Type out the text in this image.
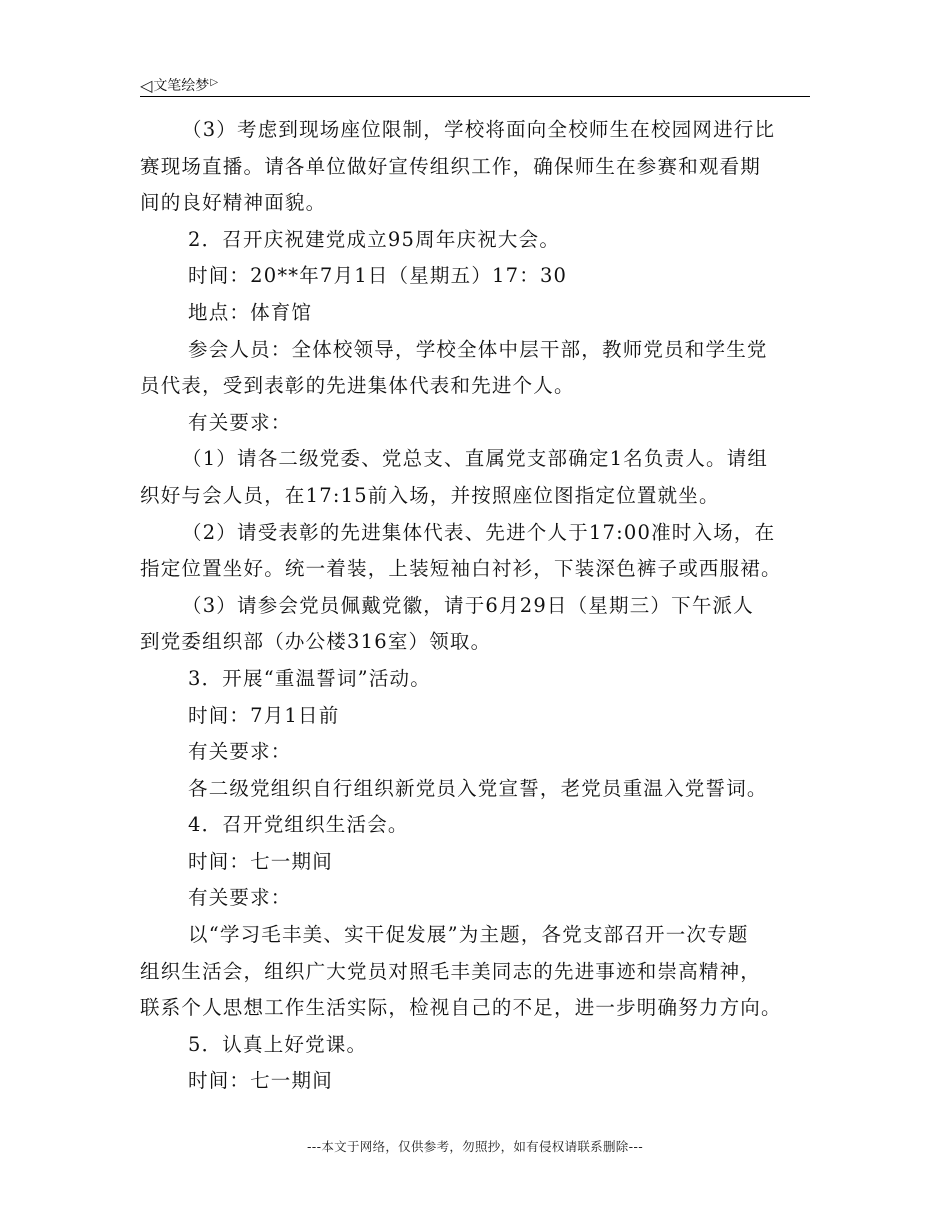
◁文笔绘梦▷

（3）考虑到现场座位限制，学校将面向全校师生在校园网进行比

赛现场直播。请各单位做好宣传组织工作，确保师生在参赛和观看期

间的良好精神面貌。

2．召开庆祝建党成立95周年庆祝大会。

时间：20**年7月1日（星期五）17：30

地点：体育馆

参会人员：全体校领导，学校全体中层干部，教师党员和学生党

员代表，受到表彰的先进集体代表和先进个人。

有关要求：

（1）请各二级党委、党总支、直属党支部确定1名负责人。请组

织好与会人员，在17:15前入场，并按照座位图指定位置就坐。

（2）请受表彰的先进集体代表、先进个人于17:00准时入场，在

指定位置坐好。统一着装，上装短袖白衬衫，下装深色裤子或西服裙。

（3）请参会党员佩戴党徽，请于6月29日（星期三）下午派人

到党委组织部（办公楼316室）领取。

3．开展“重温誓词”活动。

时间：7月1日前

有关要求：

各二级党组织自行组织新党员入党宣誓，老党员重温入党誓词。

4．召开党组织生活会。

时间：七一期间

有关要求：

以“学习毛丰美、实干促发展”为主题，各党支部召开一次专题

组织生活会，组织广大党员对照毛丰美同志的先进事迹和崇高精神，

联系个人思想工作生活实际，检视自己的不足，进一步明确努力方向。

5．认真上好党课。

时间：七一期间

---本文于网络，仅供参考，勿照抄，如有侵权请联系删除---
